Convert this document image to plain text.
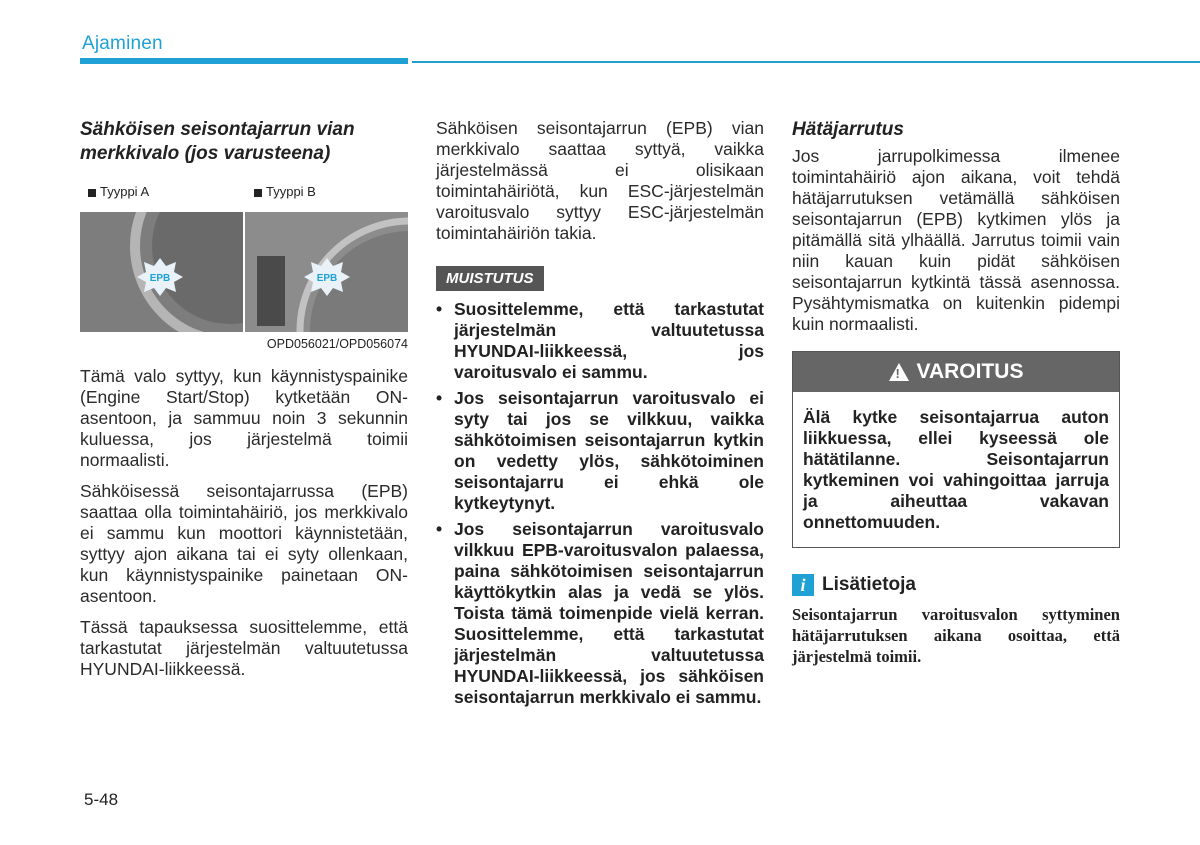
Ajaminen
Sähköisen seisontajarrun vian merkkivalo (jos varusteena)
EPB	EPB
Tyyppi A	Tyyppi B
OPD056021/OPD056074

Tämä valo syttyy, kun käynnistyspainike (Engine Start/Stop) kytketään ON-asentoon, ja sammuu noin 3 sekunnin kuluessa, jos järjestelmä toimii normaalisti.

Sähköisessä seisontajarrussa (EPB) saattaa olla toimintahäiriö, jos merkkivalo ei sammu kun moottori käynnistetään, syttyy ajon aikana tai ei syty ollenkaan, kun käynnistyspainike painetaan ON-asentoon.

Tässä tapauksessa suosittelemme, että tarkastutat järjestelmän valtuutetussa HYUNDAI-liikkeessä.

Sähköisen seisontajarrun (EPB) vian merkkivalo saattaa syttyä, vaikka järjestelmässä ei olisikaan toimintahäiriötä, kun ESC-järjestelmän varoitusvalo syttyy ESC-järjestelmän toimintahäiriön takia.

MUISTUTUS
• Suosittelemme, että tarkastutat järjestelmän valtuutetussa HYUNDAI-liikkeessä, jos varoitusvalo ei sammu.
• Jos seisontajarrun varoitusvalo ei syty tai jos se vilkkuu, vaikka sähkötoimisen seisontajarrun kytkin on vedetty ylös, sähkötoiminen seisontajarru ei ehkä ole kytkeytynyt.
• Jos seisontajarrun varoitusvalo vilkkuu EPB-varoitusvalon palaessa, paina sähkötoimisen seisontajarrun käyttökytkin alas ja vedä se ylös. Toista tämä toimenpide vielä kerran. Suosittelemme, että tarkastutat järjestelmän valtuutetussa HYUNDAI-liikkeessä, jos sähköisen seisontajarrun merkkivalo ei sammu.
Hätäjarrutus

Jos jarrupolkimessa ilmenee toimintahäiriö ajon aikana, voit tehdä hätäjarrutuksen vetämällä sähköisen seisontajarrun (EPB) kytkimen ylös ja pitämällä sitä ylhäällä. Jarrutus toimii vain niin kauan kuin pidät sähköisen seisontajarrun kytkintä tässä asennossa. Pysähtymismatka on kuitenkin pidempi kuin normaalisti.

! VAROITUS
Älä kytke seisontajarrua auton liikkuessa, ellei kyseessä ole hätätilanne. Seisontajarrun kytkeminen voi vahingoittaa jarruja ja aiheuttaa vakavan onnettomuuden.
i Lisätietoja
Seisontajarrun varoitusvalon syttyminen hätäjarrutuksen aikana osoittaa, että järjestelmä toimii.
5-48
